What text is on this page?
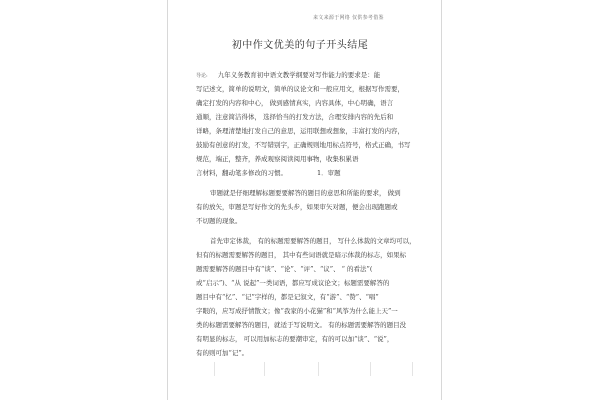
来文来源于网络 仅供参考借鉴
初中作文优美的句子开头结尾
导论: 九年义务教育初中语文教学纲要对写作能力的要求是：能
写记述文，简单的说明文，简单的议论文和一般应用文，根据写作需要，
确定打发的内容和中心， 做到感情真实，内容具体，中心明确，语言
通顺，注意简洁得体， 选择恰当的打发方法，合理安排内容的先后和
详略，条理清楚地打发自己的意思，运用联想或想象，丰富打发的内容，
鼓励有创意的打发，不写错别字，正确规则地用标点符号，格式正确，书写
规范，端正，整齐，养成观察阅读阅用事物，收集积累语
言材料，翻动笔多修改的习惯。	1．审题
审题就是仔细理解标题要要解答的题目的意思和所能的要求， 做到
有的放矢，审题是写好作文的先头步，如果审矢对题，便会出现跑题或
不切题的现象。
首先审定体裁， 有的标题需要解答的题目， 写什么体裁的文章均可以，
但有的标题需要解答的题目， 其中有些词语就是暗示体裁的标志，如果标
题需要解答的题目中有“谈”、“论”、“评”、“议”、 “ 的看法”(
或“启示”)、“从 说起”一类词语，都应写成议论文；标题需要解答的
题目中有“忆”、“记”字样的，都是记叙文，有“游”、“赞”、“唱”
字眼的，应写成抒情散文；像“我家的小花猫”和“风筝为什么能上天”一
类的标题需要解答的题目，就适于写说明文。 有的标题需要解答的题目没
有明显的标志， 可以用加标志的要潮审定，有的可以加“谈”、“说”，
有的则可加“记”。
